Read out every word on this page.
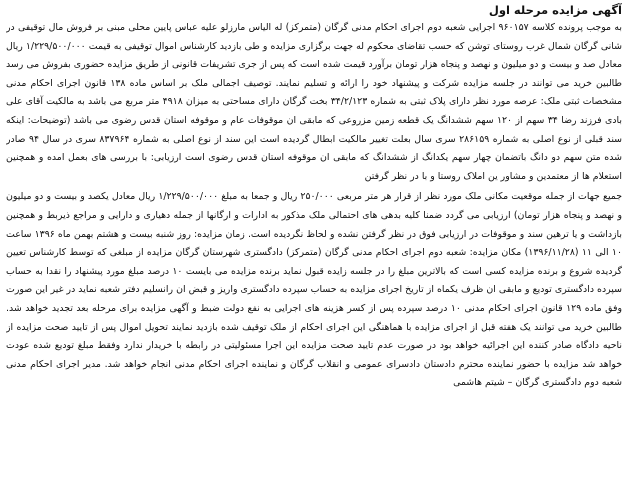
آگهی مزایده مرحله اول

به موجب پرونده کلاسه ۹۶۰۱۵۷ اجرایی شعبه دوم اجرای احکام مدنی گرگان (متمرکز) له الیاس مارزلو علیه عباس پایین محلی مبنی بر فروش مال توقیفی در شانی گرگان شمال غرب روستای توشن که حسب تقاضای محکوم له جهت برگزاری مزایده و طی بازدید کارشناس اموال توقیفی به قیمت ۱/۲۲۹/۵۰۰/۰۰۰ ریال معادل صد و بیست و دو میلیون و نهصد و پنجاه هزار تومان برآورد قیمت شده است که پس از جری تشریفات قانونی از طریق مزایده حضوری بفروش می رسد طالبین خرید می توانند در جلسه مزایده شرکت و پیشنهاد خود را ارائه و تسلیم نمایند. توصیف اجمالی ملک بر اساس ماده ۱۳۸ قانون اجرای احکام مدنی مشخصات ثبتی ملک: عرصه مورد نظر دارای پلاک ثبتی به شماره ۳۴/۲/۱۲۳ بخت گرگان دارای مساحتی به میزان ۴۹۱۸ متر مربع می باشد به مالکیت آقای علی بادی فرزند رضا ۳۴ سهم از ۱۲۰ سهم ششدانگ یک قطعه زمین مزروعی که مابقی ان موقوفات عام و موقوفه استان قدس رضوی می باشد (توضیحات: اینکه سند قبلی از نوع اصلی به شماره ۲۸۶۱۵۹ سری سال بعلت تغییر مالکیت ابطال گردیده است این سند از نوع اصلی به شماره ۸۳۷۹۶۴ سری در سال ۹۴ صادر شده متن سهم دو دانگ باتضمان چهار سهم یکدانگ از ششدانگ که مابقی ان موقوفه استان قدس رضوی است ارزیابی: با بررسی های بعمل امده و همچنین استعلام ها از معتمدین و مشاور ین املاک روستا و با در نظر گرفتن

جمیع جهات از جمله موقعیت مکانی ملک مورد نظر از قرار هر متر مربعی ۲۵۰/۰۰۰ ریال و جمعا به مبلغ ۱/۲۲۹/۵۰۰/۰۰۰ ریال معادل یکصد و بیست و دو میلیون و نهصد و پنجاه هزار تومان) ارزیابی می گردد ضمنا کلیه بدهی های احتمالی ملک مذکور به ادارات و ارگانها از جمله دهیاری و دارایی و مراجع ذیربط و همچنین بازداشت و یا ترهین سند و موقوفات در ارزیابی فوق در نظر گرفتن نشده و لحاظ نگردیده است. زمان مزایده: روز شنبه بیست و هشتم بهمن ماه ۱۳۹۶ ساعت ۱۰ الی ۱۱ (۱۳۹۶/۱۱/۲۸) مکان مزایده: شعبه دوم اجرای احکام مدنی گرگان (متمرکز) دادگستری شهرستان گرگان مزایده از مبلغی که توسط کارشناس تعیین گردیده شروع و برنده مزایده کسی است که بالاترین مبلغ را در جلسه زایده قبول نماید برنده مزایده می بایست ۱۰ درصد مبلغ مورد پیشنهاد را نقدا به حساب سپرده دادگستری تودیع و مابقی ان ظرف یکماه از تاریخ اجرای مزایده به حساب سپرده دادگستری واریز و قبض ان رانسلیم دفتر شعبه نماید در غیر این صورت وفق ماده ۱۲۹ قانون اجرای احکام مدنی ۱۰ درصد سپرده پس از کسر هزینه های اجرایی به نفع دولت ضبط و آگهی مزایده برای مرحله بعد تجدید خواهد شد. طالبین خرید می توانند یک هفته قبل از اجرای مزایده با هماهنگی این اجرای احکام از ملک توقیف شده بازدید نمایند تحویل اموال پس از تایید صحت مزایده از ناحیه دادگاه صادر کننده این اجرائیه خواهد بود در صورت عدم تایید صحت مزایده این اجرا مسئولیتی در رابطه با خریدار ندارد وفقط مبلغ تودیع شده عودت خواهد شد مزایده با حضور نماینده محترم دادستان دادسرای عمومی و انقلاب گرگان و نماینده اجرای احکام مدنی انجام خواهد شد. مدیر اجرای احکام مدنی شعبه دوم دادگستری گرگان – شیتم هاشمی
